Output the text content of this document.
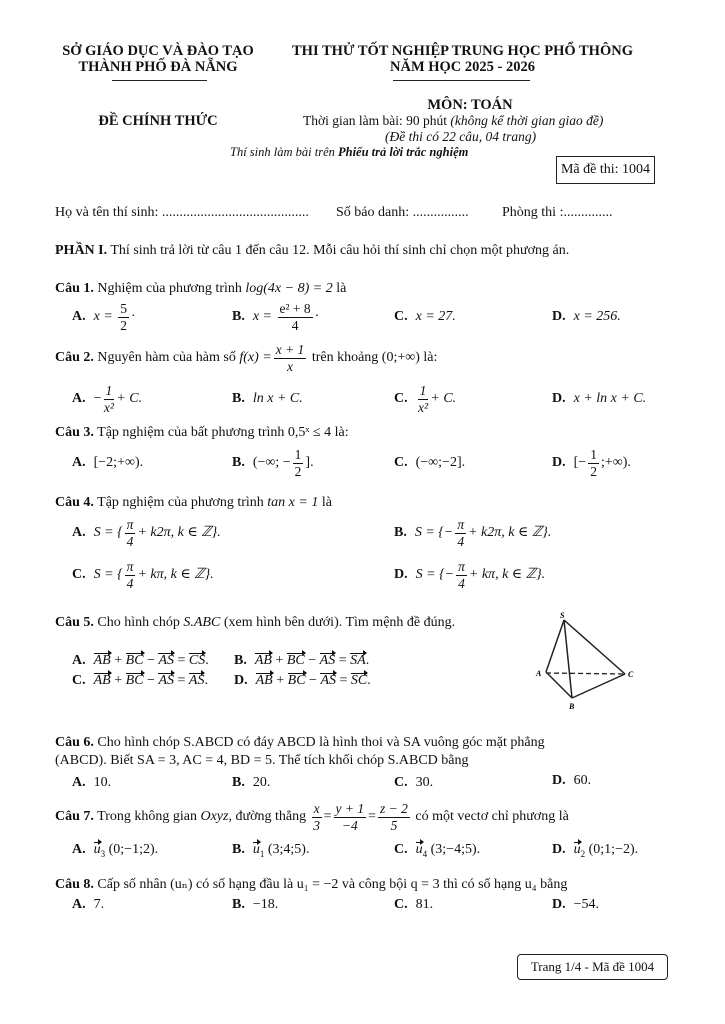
SỞ GIÁO DỤC VÀ ĐÀO TẠO
THÀNH PHỐ ĐÀ NẴNG
THI THỬ TỐT NGHIỆP TRUNG HỌC PHỔ THÔNG
NĂM HỌC 2025 - 2026
ĐỀ CHÍNH THỨC
MÔN: TOÁN
Thời gian làm bài: 90 phút (không kể thời gian giao đề)
(Đề thi có 22 câu, 04 trang)
Thí sinh làm bài trên Phiếu trả lời trắc nghiệm
Mã đề thi: 1004
Họ và tên thí sinh: .......................................... Số báo danh: ................ Phòng thi :..............
PHẦN I. Thí sinh trả lời từ câu 1 đến câu 12. Mỗi câu hỏi thí sinh chỉ chọn một phương án.
Câu 1. Nghiệm của phương trình log(4x − 8) = 2 là
A. $x = \frac{5}{2}$ ·	B. $x = \frac{\text{e² + 8}}{4}$ ·	C. x = 27.	D. x = 256.
Câu 2. Nguyên hàm của hàm số $f(x) = \frac{x + 1}{x}$ trên khoảng (0;+∞) là:
A. − $\frac{1}{\text{x²}} + C$.	B. ln x + C.	C. $\frac{1}{\text{x²}} + C$.	D. x + ln x + C.
Câu 3. Tập nghiệm của bất phương trình 0,5ˣ ≤ 4 là:
A. [−2;+∞).	B. (−∞; − $\frac{1}{2}$ ].	C. (−∞;−2].	D. [− $\frac{1}{2}$ ;+∞).
Câu 4. Tập nghiệm của phương trình tan x = 1 là
A. S = { $\frac{\pi}{4} + k2\pi$, k ∈ ℤ}.	B. S = {− $\frac{\pi}{4} + k2\pi$, k ∈ ℤ}.
C. S = { $\frac{\pi}{4} + k\pi$, k ∈ ℤ}.	D. S = {− $\frac{\pi}{4} + k\pi$, k ∈ ℤ}.
Câu 5. Cho hình chóp S.ABC (xem hình bên dưới). Tìm mệnh đề đúng.
A. AB + BC − AS = CS. B. AB + BC − AS = SA.
C. AB + BC − AS = AS. D. AB + BC − AS = SC.
S
A
B
C
Câu 6. Cho hình chóp S.ABCD có đáy ABCD là hình thoi và SA vuông góc mặt phẳng
(ABCD). Biết SA = 3, AC = 4, BD = 5. Thể tích khối chóp S.ABCD bằng
A. 10.	B. 20.	C. 30.	D. 60.
Câu 7. Trong không gian Oxyz, đường thẳng $\frac{x}{3} = \frac{y + 1}{-4} = \frac{z - 2}{5}$ có một vectơ chỉ phương là
A. $u_3$ (0;−1;2).	B. $u_1$ (3;4;5).	C. $u_4$ (3;−4;5).	D. $u_2$ (0;1;−2).
Câu 8. Cấp số nhân (uₙ) có số hạng đầu là u₁ = −2 và công bội q = 3 thì có số hạng u₄ bằng
A. 7.	B. −18.	C. 81.	D. −54.
Trang 1/4 - Mã đề 1004
